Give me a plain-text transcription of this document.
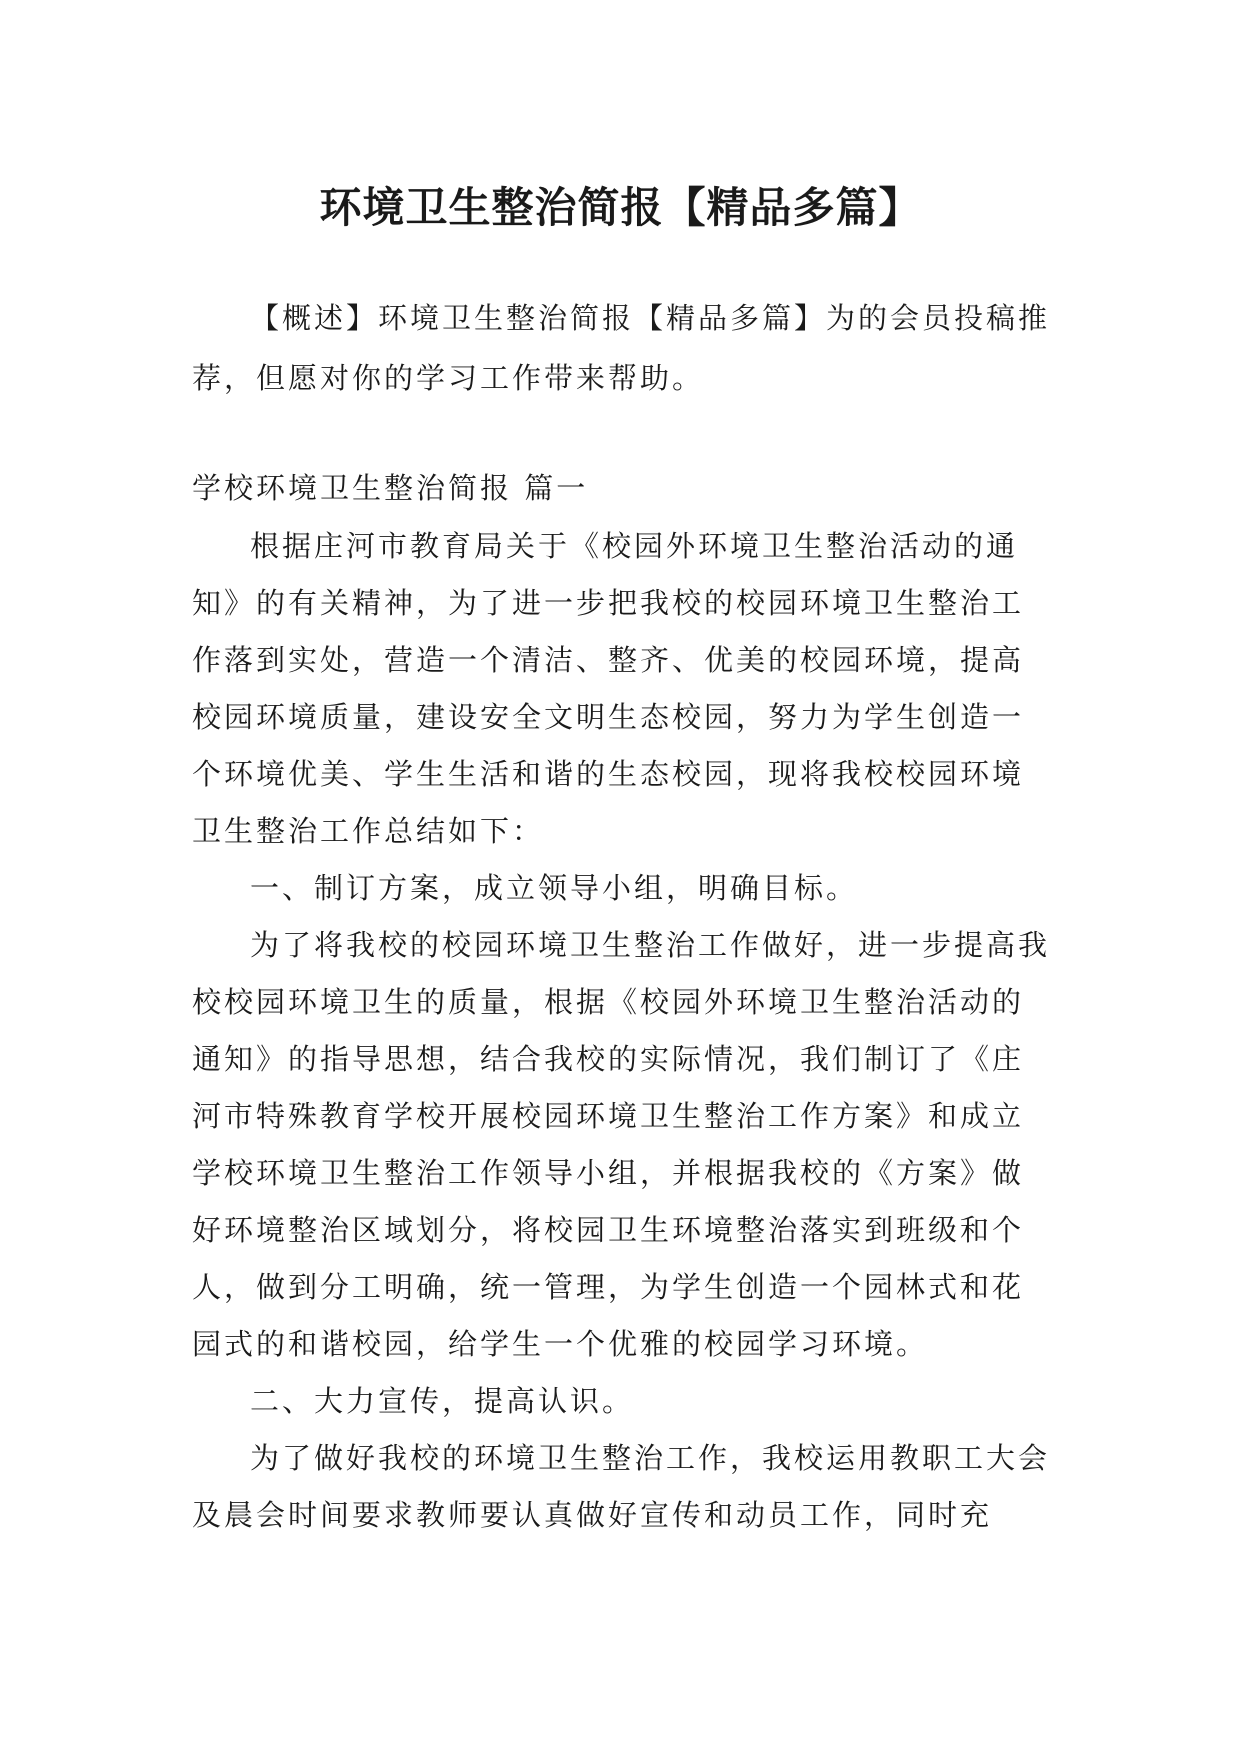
环境卫生整治简报【精品多篇】

【概述】环境卫生整治简报【精品多篇】为的会员投稿推荐，但愿对你的学习工作带来帮助。

学校环境卫生整治简报 篇一

根据庄河市教育局关于《校园外环境卫生整治活动的通知》的有关精神，为了进一步把我校的校园环境卫生整治工作落到实处，营造一个清洁、整齐、优美的校园环境，提高校园环境质量，建设安全文明生态校园，努力为学生创造一个环境优美、学生生活和谐的生态校园，现将我校校园环境卫生整治工作总结如下：

一、制订方案，成立领导小组，明确目标。

为了将我校的校园环境卫生整治工作做好，进一步提高我校校园环境卫生的质量，根据《校园外环境卫生整治活动的通知》的指导思想，结合我校的实际情况，我们制订了《庄河市特殊教育学校开展校园环境卫生整治工作方案》和成立学校环境卫生整治工作领导小组，并根据我校的《方案》做好环境整治区域划分，将校园卫生环境整治落实到班级和个人，做到分工明确，统一管理，为学生创造一个园林式和花园式的和谐校园，给学生一个优雅的校园学习环境。

二、大力宣传，提高认识。

为了做好我校的环境卫生整治工作，我校运用教职工大会及晨会时间要求教师要认真做好宣传和动员工作，同时充
